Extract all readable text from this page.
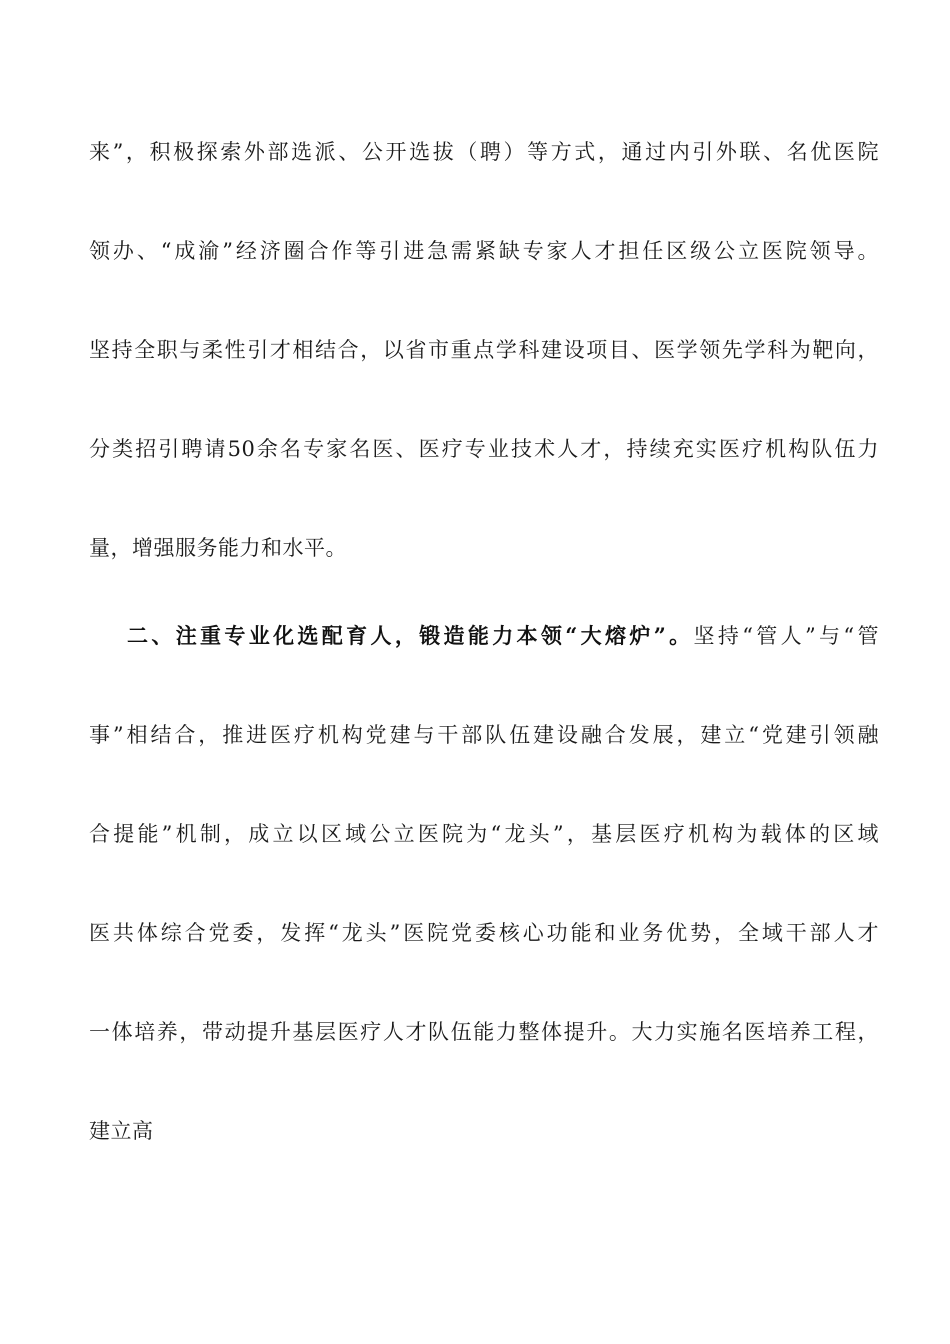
来”，积极探索外部选派、公开选拔（聘）等方式，通过内引外联、名优医院
领办、“成渝”经济圈合作等引进急需紧缺专家人才担任区级公立医院领导。
坚持全职与柔性引才相结合，以省市重点学科建设项目、医学领先学科为靶向，
分类招引聘请50余名专家名医、医疗专业技术人才，持续充实医疗机构队伍力
量，增强服务能力和水平。
二、注重专业化选配育人，锻造能力本领“大熔炉”。坚持“管人”与“管
事”相结合，推进医疗机构党建与干部队伍建设融合发展，建立“党建引领融
合提能”机制，成立以区域公立医院为“龙头”，基层医疗机构为载体的区域
医共体综合党委，发挥“龙头”医院党委核心功能和业务优势，全域干部人才
一体培养，带动提升基层医疗人才队伍能力整体提升。大力实施名医培养工程，
建立高
